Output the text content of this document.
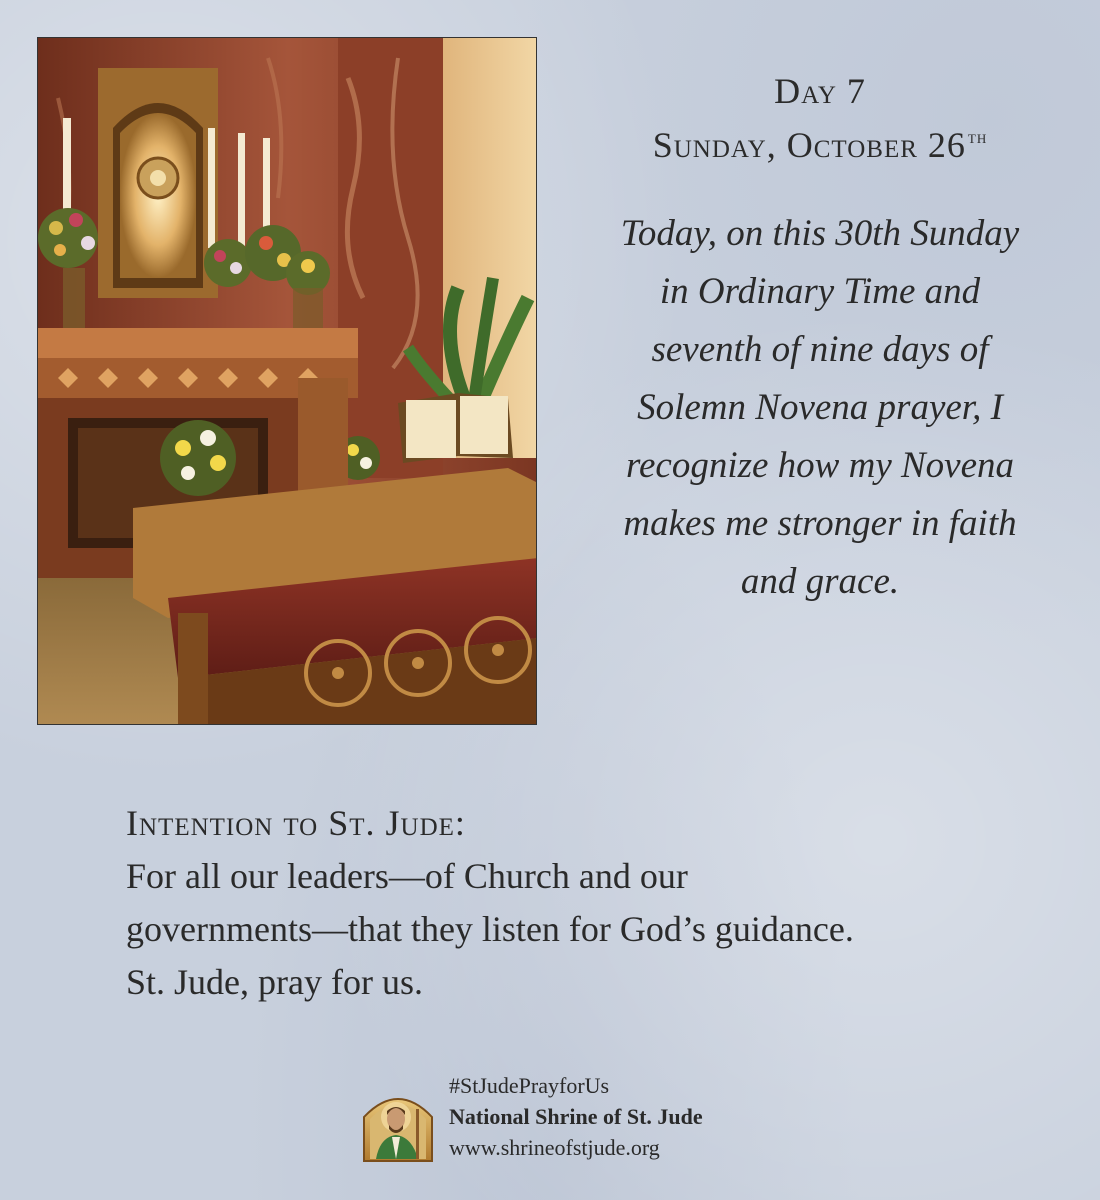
Day 7
Sunday, October 26 $^{th}$
Today, on this 30th Sunday
in Ordinary Time and
seventh of nine days of
Solemn Novena prayer, I
recognize how my Novena
makes me stronger in faith
and grace.
Intention to St. Jude:
For all our leaders—of Church and our
governments—that they listen for God’s guidance.
St. Jude, pray for us.
#StJudePrayforUs
National Shrine of St. Jude
www.shrineofstjude.org
